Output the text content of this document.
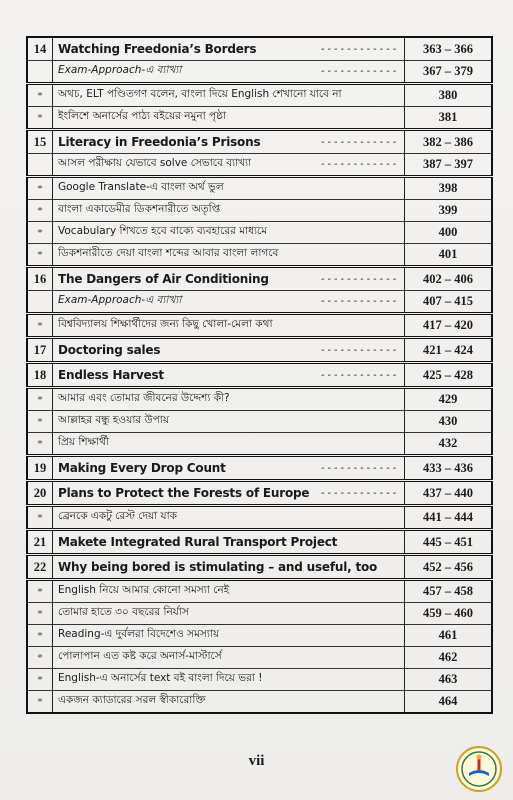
14	Watching Freedonia’s Borders ------------	363 – 366

	Exam-Approach-এ ব্যাখ্যা ------------	367 – 379
*	অথচ, ELT পণ্ডিতগণ বলেন, বাংলা দিয়ে English শেখানো যাবে না	380
*	ইংলিশে অনার্সের পাঠ্য বইয়ের নমুনা পৃষ্ঠা	381
15	Literacy in Freedonia’s Prisons ------------	382 – 386

	আসল পরীক্ষায় যেভাবে solve সেভাবে ব্যাখ্যা ------------	387 – 397
*	Google Translate-এ বাংলা অর্থ ভুল	398
*	বাংলা একাডেমীর ডিকশনারীতে অতৃপ্তি	399
*	Vocabulary শিখতে হবে বাক্যে ব্যবহারের মাধ্যমে	400
*	ডিকশনারীতে দেয়া বাংলা শব্দের আবার বাংলা লাগবে	401
16	The Dangers of Air Conditioning ------------	402 – 406

	Exam-Approach-এ ব্যাখ্যা ------------	407 – 415
*	বিশ্ববিদ্যালয় শিক্ষার্থীদের জন্য কিছু খোলা-মেলা কথা	417 – 420
17	Doctoring sales ------------	421 – 424
18	Endless Harvest ------------	425 – 428
*	আমার এবং তোমার জীবনের উদ্দেশ্য কী?	429
*	আল্লাহর বন্ধু হওয়ার উপায়	430
*	প্রিয় শিক্ষার্থী	432
19	Making Every Drop Count ------------	433 – 436
20	Plans to Protect the Forests of Europe ------------	437 – 440
*	ব্রেনকে একটু রেস্ট দেয়া যাক	441 – 444
21	Makete Integrated Rural Transport Project	445 – 451
22	Why being bored is stimulating – and useful, too	452 – 456
*	English নিয়ে আমার কোনো সমস্যা নেই	457 – 458
*	তোমার হাতে ৩০ বছরের নির্যাস	459 – 460
*	Reading-এ দুর্বলরা বিদেশেও সমস্যায়	461
*	পোলাপান এত কষ্ট করে অনার্স-মাস্টার্সে	462
*	English-এ অনার্সের text বই বাংলা দিয়ে ভরা !	463
*	একজন ক্যাডারের সরল স্বীকারোক্তি	464
vii
